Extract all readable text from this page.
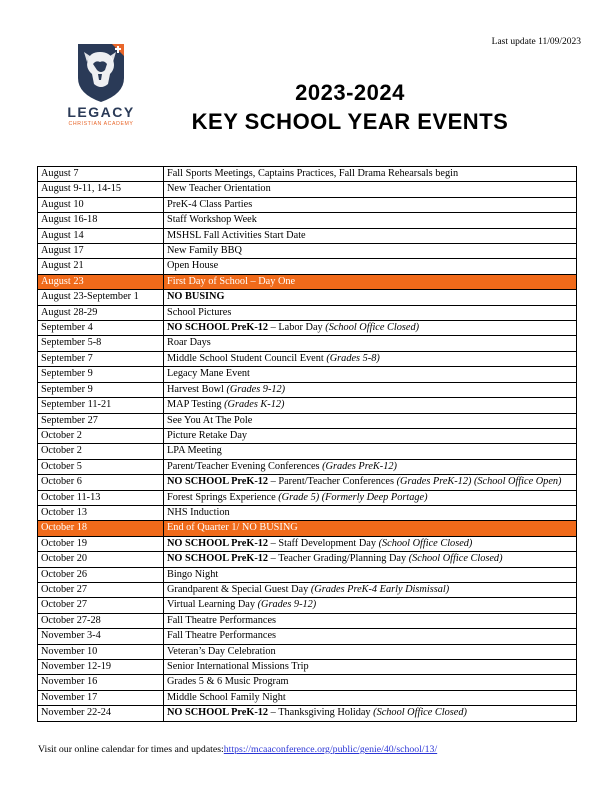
Last update 11/09/2023
LEGACY
CHRISTIAN ACADEMY
2023-2024
KEY SCHOOL YEAR EVENTS
August 7	Fall Sports Meetings, Captains Practices, Fall Drama Rehearsals begin
August 9-11, 14-15	New Teacher Orientation
August 10	PreK-4 Class Parties
August 16-18	Staff Workshop Week
August 14	MSHSL Fall Activities Start Date
August 17	New Family BBQ
August 21	Open House
August 23	First Day of School – Day One
August 23-September 1	NO BUSING
August 28-29	School Pictures
September 4	NO SCHOOL PreK-12 – Labor Day (School Office Closed)
September 5-8	Roar Days
September 7	Middle School Student Council Event (Grades 5-8)
September 9	Legacy Mane Event
September 9	Harvest Bowl (Grades 9-12)
September 11-21	MAP Testing (Grades K-12)
September 27	See You At The Pole
October 2	Picture Retake Day
October 2	LPA Meeting
October 5	Parent/Teacher Evening Conferences (Grades PreK-12)
October 6	NO SCHOOL PreK-12 – Parent/Teacher Conferences (Grades PreK-12) (School Office Open)
October 11-13	Forest Springs Experience (Grade 5) (Formerly Deep Portage)
October 13	NHS Induction
October 18	End of Quarter 1/ NO BUSING
October 19	NO SCHOOL PreK-12 – Staff Development Day (School Office Closed)
October 20	NO SCHOOL PreK-12 – Teacher Grading/Planning Day (School Office Closed)
October 26	Bingo Night
October 27	Grandparent & Special Guest Day (Grades PreK-4 Early Dismissal)
October 27	Virtual Learning Day (Grades 9-12)
October 27-28	Fall Theatre Performances
November 3-4	Fall Theatre Performances
November 10	Veteran’s Day Celebration
November 12-19	Senior International Missions Trip
November 16	Grades 5 & 6 Music Program
November 17	Middle School Family Night
November 22-24	NO SCHOOL PreK-12 – Thanksgiving Holiday (School Office Closed)
Visit our online calendar for times and updates:https://mcaaconference.org/public/genie/40/school/13/
